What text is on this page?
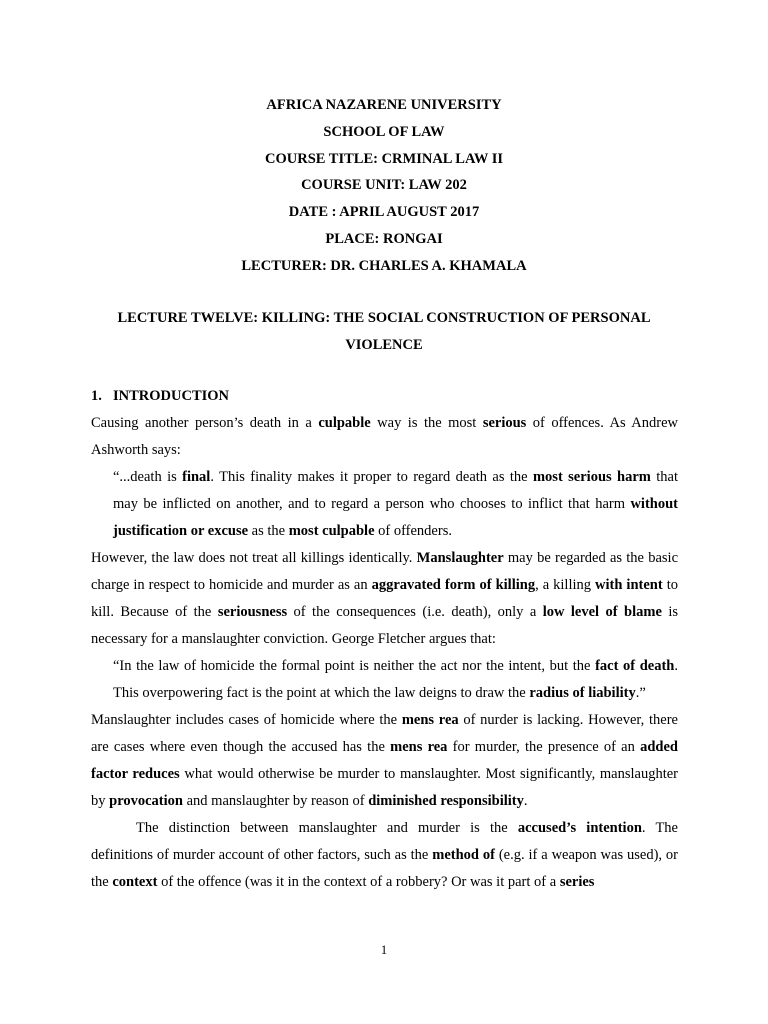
AFRICA NAZARENE UNIVERSITY
SCHOOL OF LAW
COURSE TITLE: CRMINAL LAW II
COURSE UNIT: LAW 202
DATE : APRIL AUGUST 2017
PLACE: RONGAI
LECTURER: DR. CHARLES A. KHAMALA
LECTURE TWELVE: KILLING: THE SOCIAL CONSTRUCTION OF PERSONAL VIOLENCE
1. INTRODUCTION

Causing another person’s death in a culpable way is the most serious of offences. As Andrew Ashworth says:

“...death is final. This finality makes it proper to regard death as the most serious harm that may be inflicted on another, and to regard a person who chooses to inflict that harm without justification or excuse as the most culpable of offenders.

However, the law does not treat all killings identically. Manslaughter may be regarded as the basic charge in respect to homicide and murder as an aggravated form of killing, a killing with intent to kill. Because of the seriousness of the consequences (i.e. death), only a low level of blame is necessary for a manslaughter conviction. George Fletcher argues that:

“In the law of homicide the formal point is neither the act nor the intent, but the fact of death. This overpowering fact is the point at which the law deigns to draw the radius of liability.”

Manslaughter includes cases of homicide where the mens rea of nurder is lacking. However, there are cases where even though the accused has the mens rea for murder, the presence of an added factor reduces what would otherwise be murder to manslaughter. Most significantly, manslaughter by provocation and manslaughter by reason of diminished responsibility.

The distinction between manslaughter and murder is the accused’s intention. The definitions of murder account of other factors, such as the method of (e.g. if a weapon was used), or the context of the offence (was it in the context of a robbery? Or was it part of a series

1
